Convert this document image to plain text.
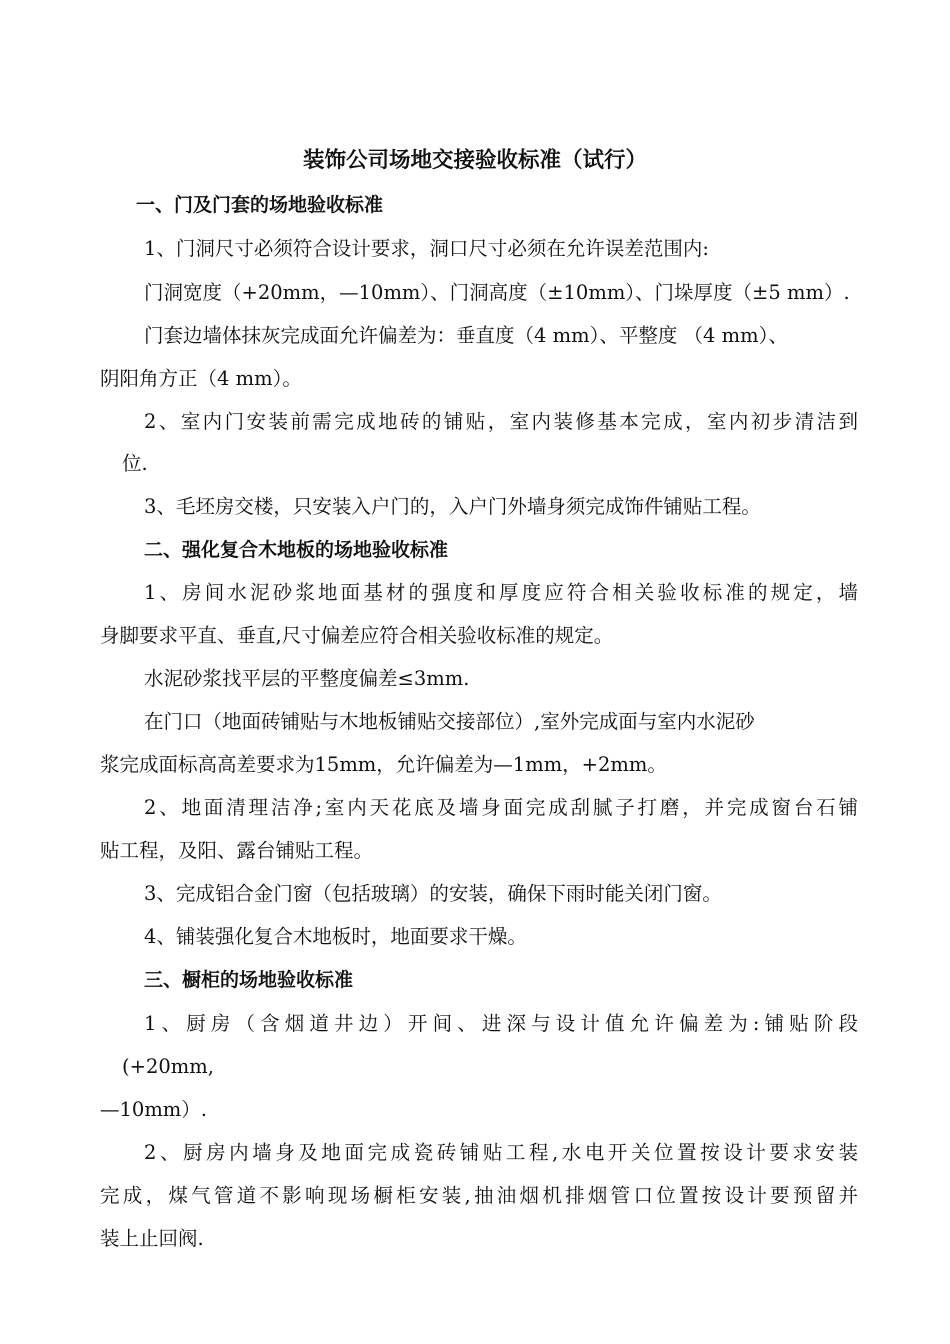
装饰公司场地交接验收标准（试行）
一、门及门套的场地验收标准
1、门洞尺寸必须符合设计要求，洞口尺寸必须在允许误差范围内:
门洞宽度（+20mm，—10mm）、门洞高度（±10mm）、门垛厚度（±5 mm）.
门套边墙体抹灰完成面允许偏差为：垂直度（4 mm）、平整度 （4 mm）、
阴阳角方正（4 mm）。
2、室内门安装前需完成地砖的铺贴，室内装修基本完成，室内初步清洁到
位.
3、毛坯房交楼，只安装入户门的，入户门外墙身须完成饰件铺贴工程。
二、强化复合木地板的场地验收标准
1、房间水泥砂浆地面基材的强度和厚度应符合相关验收标准的规定，墙
身脚要求平直、垂直,尺寸偏差应符合相关验收标准的规定。
水泥砂浆找平层的平整度偏差≤3mm.
在门口（地面砖铺贴与木地板铺贴交接部位）,室外完成面与室内水泥砂
浆完成面标高高差要求为15mm，允许偏差为—1mm，+2mm。
2、地面清理洁净;室内天花底及墙身面完成刮腻子打磨，并完成窗台石铺
贴工程，及阳、露台铺贴工程。
3、完成铝合金门窗（包括玻璃）的安装，确保下雨时能关闭门窗。
4、铺装强化复合木地板时，地面要求干燥。
三、橱柜的场地验收标准
1、厨房（含烟道井边）开间、进深与设计值允许偏差为:铺贴阶段
(+20mm,
—10mm）.
2、厨房内墙身及地面完成瓷砖铺贴工程,水电开关位置按设计要求安装
完成，煤气管道不影响现场橱柜安装,抽油烟机排烟管口位置按设计要预留并
装上止回阀.
